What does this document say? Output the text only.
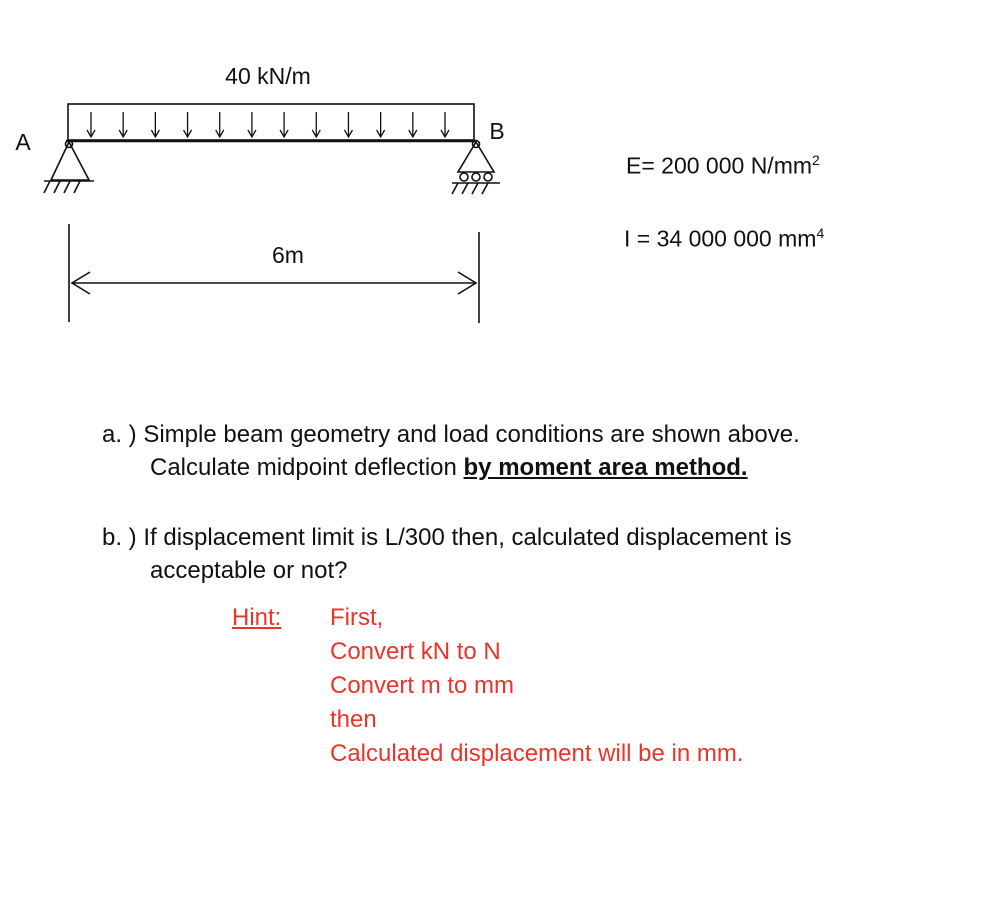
40 kN/m
A	B
6m
E= 200 000 $N/mm^2$
I = 34 000 000 $mm^4$
a. ) Simple beam geometry and load conditions are shown above.
Calculate midpoint deflection by moment area method.
b. ) If displacement limit is L/300 then, calculated displacement is
acceptable or not?
Hint: First,
Convert kN to N
Convert m to mm
then
Calculated displacement will be in mm.
